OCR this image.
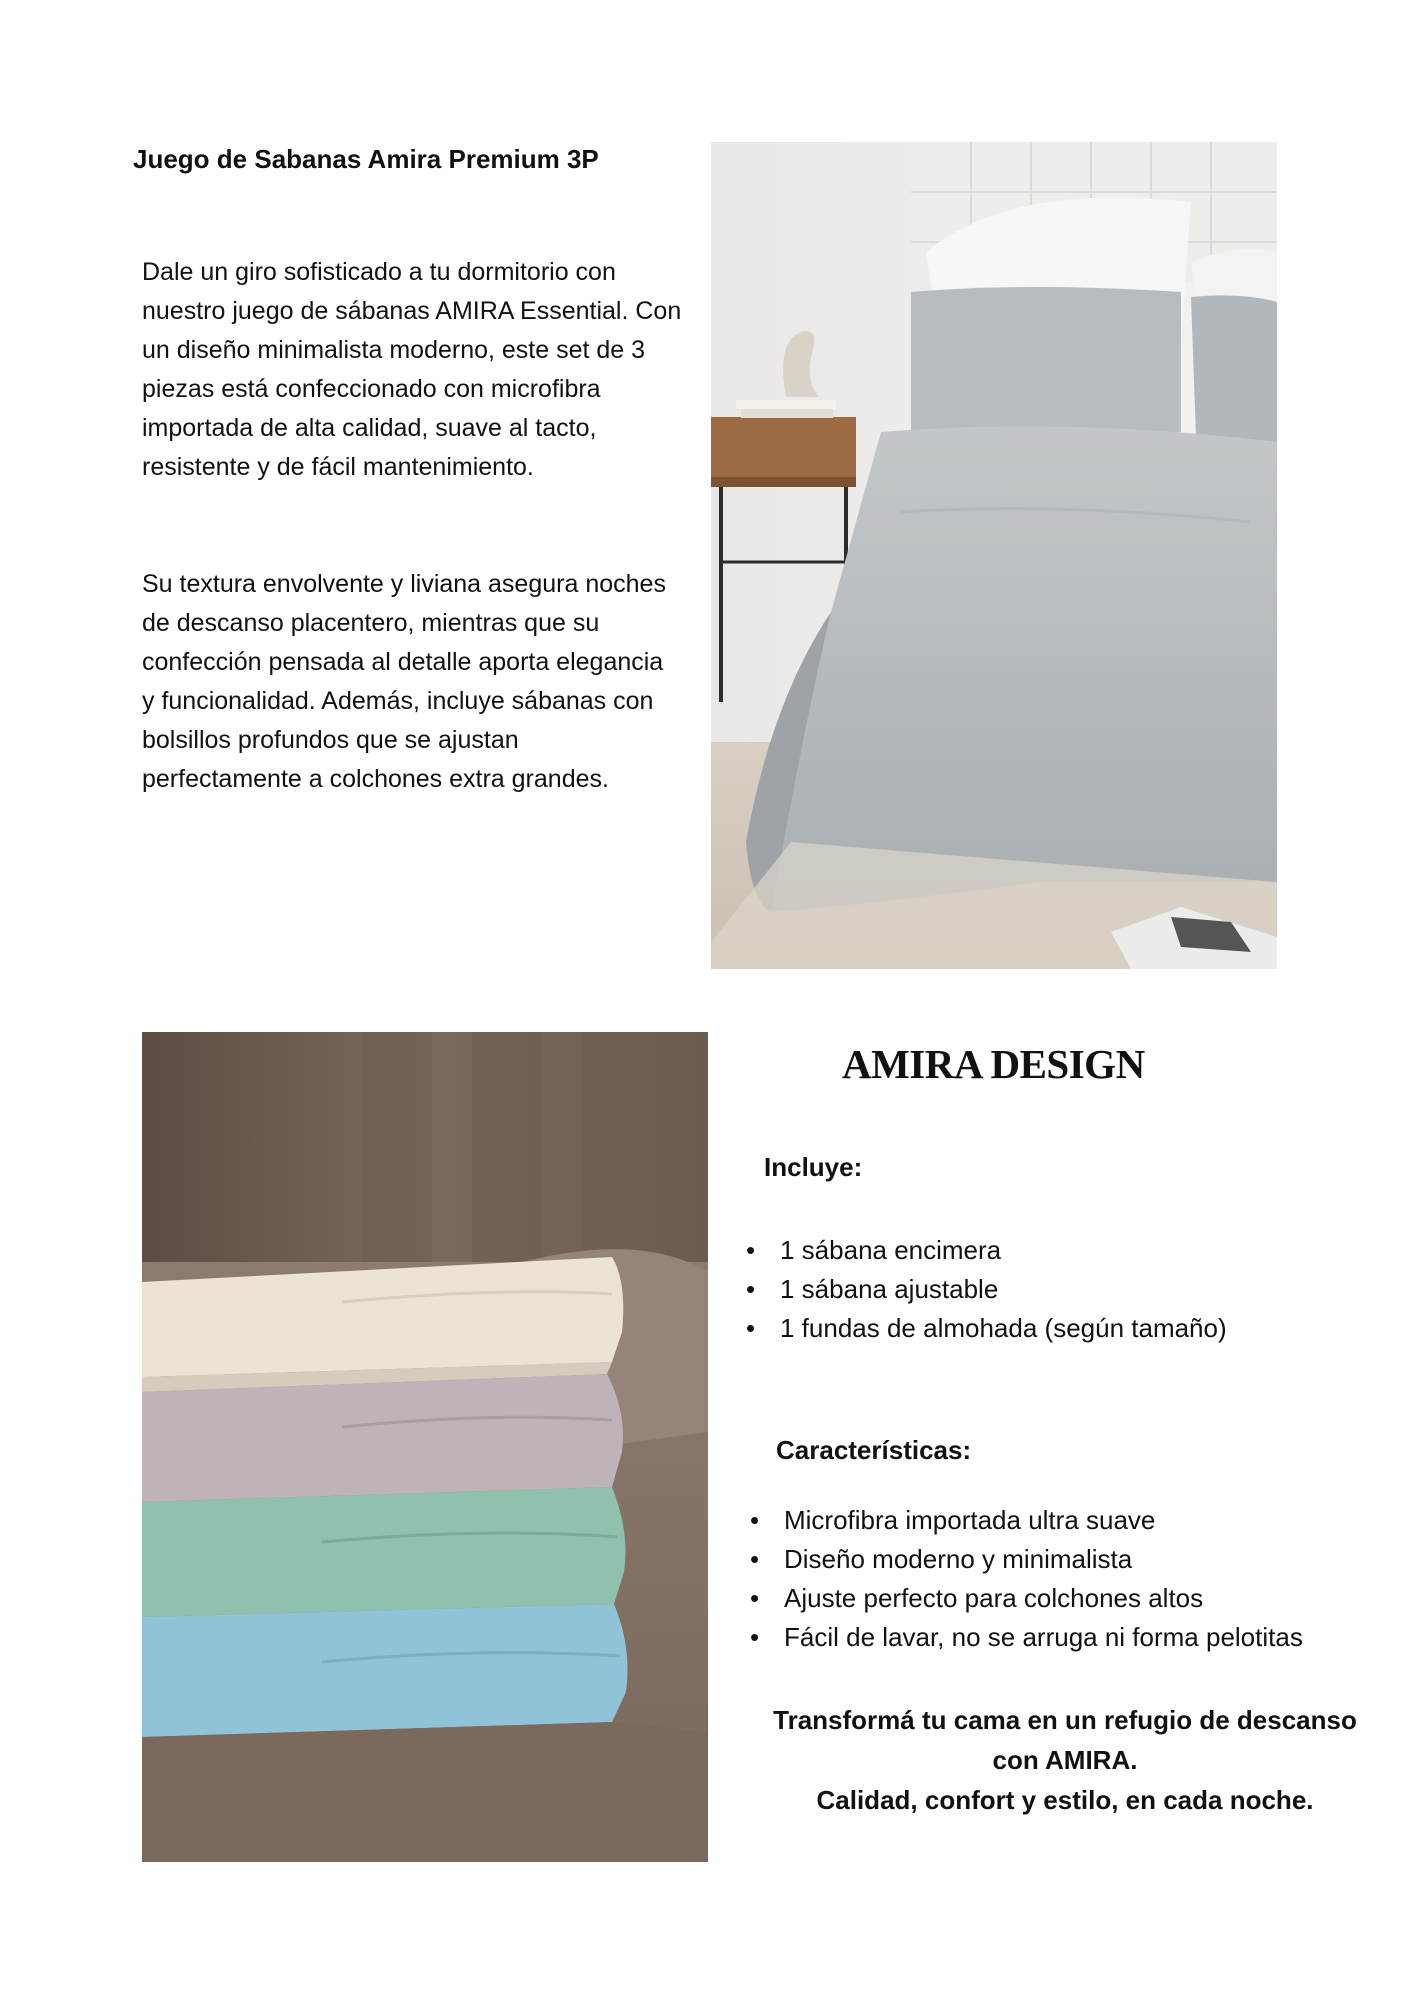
Juego de Sabanas Amira Premium 3P

Dale un giro sofisticado a tu dormitorio con nuestro juego de sábanas AMIRA Essential. Con un diseño minimalista moderno, este set de 3 piezas está confeccionado con microfibra importada de alta calidad, suave al tacto, resistente y de fácil mantenimiento.

Su textura envolvente y liviana asegura noches de descanso placentero, mientras que su confección pensada al detalle aporta elegancia y funcionalidad. Además, incluye sábanas con bolsillos profundos que se ajustan perfectamente a colchones extra grandes.

AMIRA DESIGN
Incluye:
• 1 sábana encimera
• 1 sábana ajustable
• 1 fundas de almohada (según tamaño)
Características:
• Microfibra importada ultra suave
• Diseño moderno y minimalista
• Ajuste perfecto para colchones altos
• Fácil de lavar, no se arruga ni forma pelotitas
Transformá tu cama en un refugio de descanso
con AMIRA.
Calidad, confort y estilo, en cada noche.
